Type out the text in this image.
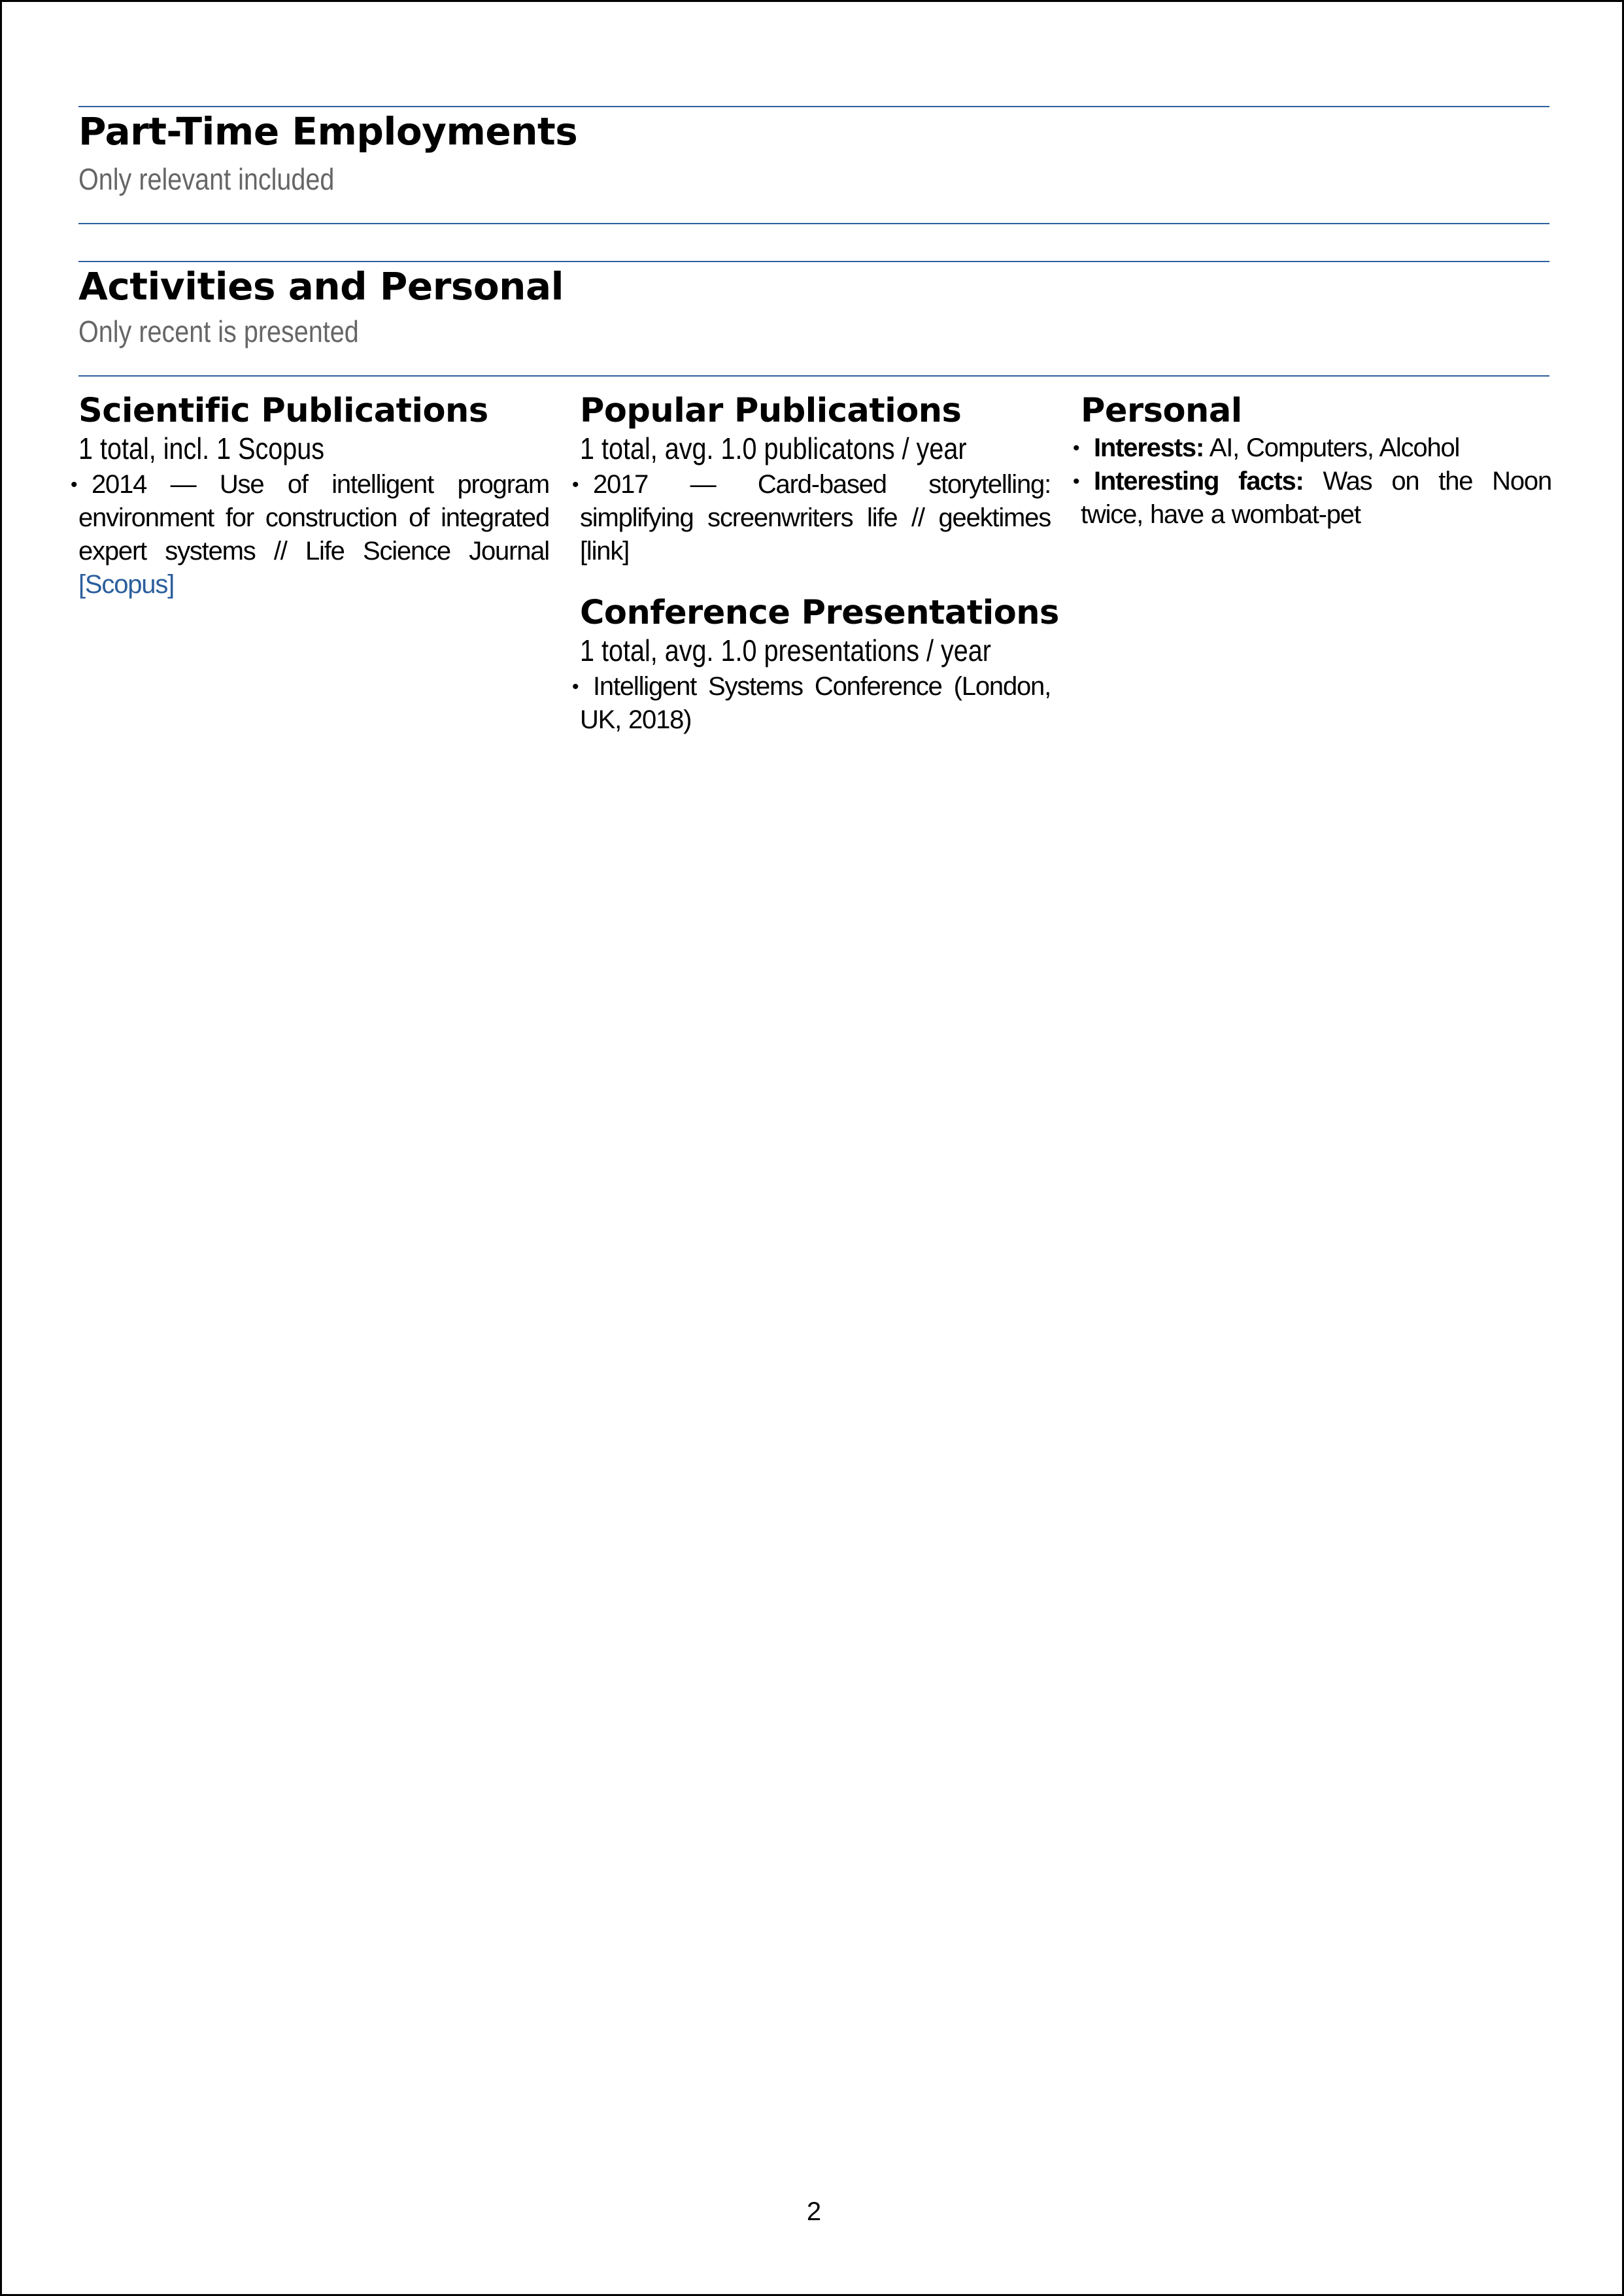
Part-Time Employments

Only relevant included

Activities and Personal

Only recent is presented

Scientific Publications

1 total, incl. 1 Scopus

• 2014 — Use of intelligent program environment for construction of integrated expert systems // Life Science Journal [Scopus]
Popular Publications

1 total, avg. 1.0 publicatons / year

• 2017 — Card-based storytelling: simplifying screenwriters life // geektimes [link]
Conference Presentations

1 total, avg. 1.0 presentations / year

• Intelligent Systems Conference (London, UK, 2018)
Personal
• Interests: AI, Computers, Alcohol
• Interesting facts: Was on the Noon twice, have a wombat-pet
2
